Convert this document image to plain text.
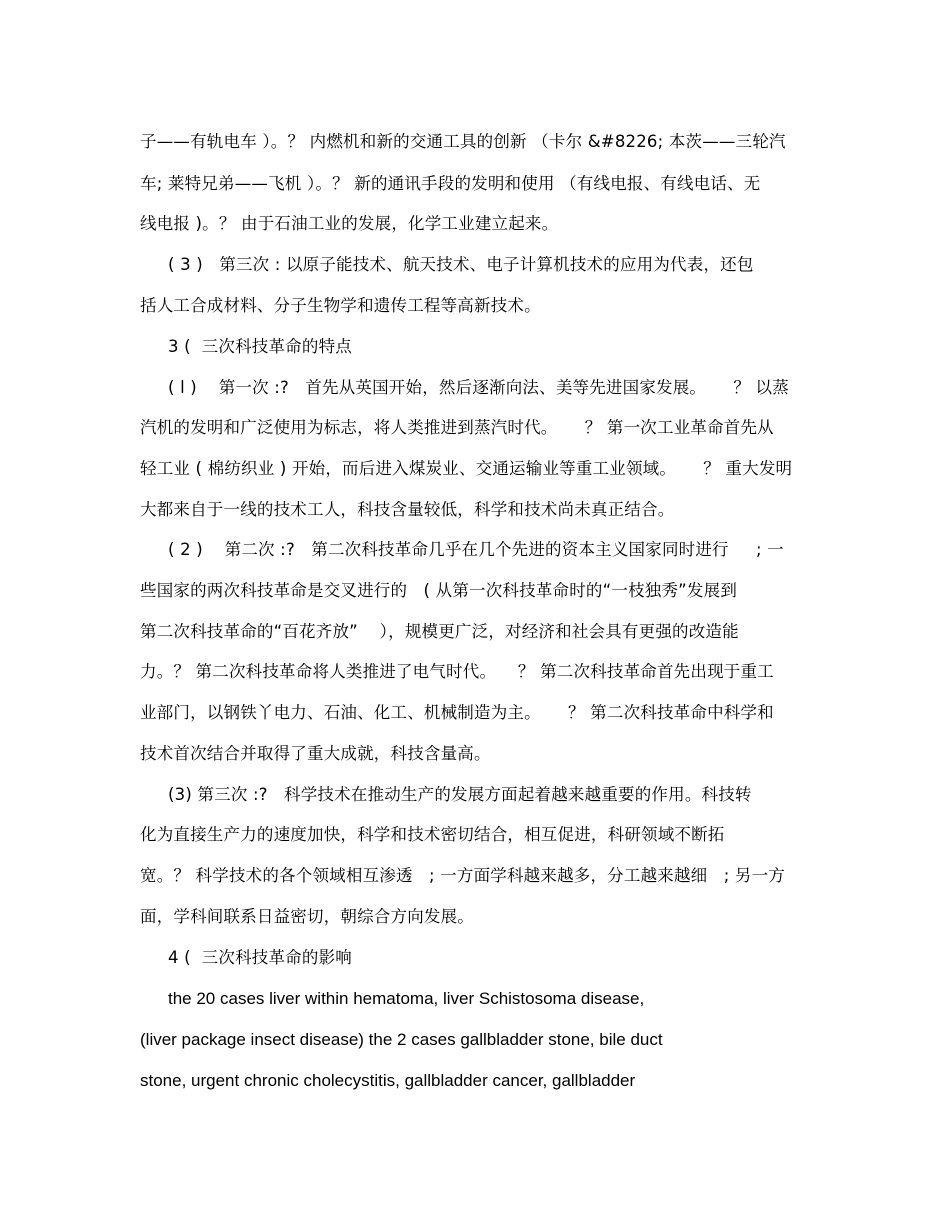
子——有轨电车 ）。？ 内燃机和新的交通工具的创新 （卡尔 &#8226; 本茨——三轮汽
车; 莱特兄弟——飞机 ）。？ 新的通讯手段的发明和使用 （有线电报、有线电话、无
线电报 )。？ 由于石油工业的发展，化学工业建立起来。
( 3 )   第三次 : 以原子能技术、航天技术、电子计算机技术的应用为代表，还包
括人工合成材料、分子生物学和遗传工程等高新技术。
3 (  三次科技革命的特点
( l )    第一次 :?   首先从英国开始，然后逐渐向法、美等先进国家发展。     ？ 以蒸
汽机的发明和广泛使用为标志，将人类推进到蒸汽时代。     ？ 第一次工业革命首先从
轻工业 ( 棉纺织业 ) 开始，而后进入煤炭业、交通运输业等重工业领域。     ？ 重大发明
大都来自于一线的技术工人，科技含量较低，科学和技术尚未真正结合。
( 2 )    第二次 :?   第二次科技革命几乎在几个先进的资本主义国家同时进行     ; 一
些国家的两次科技革命是交叉进行的   ( 从第一次科技革命时的“一枝独秀”发展到
第二次科技革命的“百花齐放”    ），规模更广泛，对经济和社会具有更强的改造能
力。？ 第二次科技革命将人类推进了电气时代。    ？ 第二次科技革命首先出现于重工
业部门，以钢铁丫电力、石油、化工、机械制造为主。     ？ 第二次科技革命中科学和
技术首次结合并取得了重大成就，科技含量高。
(3) 第三次 :?   科学技术在推动生产的发展方面起着越来越重要的作用。科技转
化为直接生产力的速度加快，科学和技术密切结合，相互促进，科研领域不断拓
宽。？ 科学技术的各个领域相互渗透   ; 一方面学科越来越多，分工越来越细   ; 另一方
面，学科间联系日益密切，朝综合方向发展。
4 (  三次科技革命的影响
the 20 cases liver within hematoma, liver Schistosoma disease,
(liver package insect disease) the 2 cases gallbladder stone, bile duct
stone, urgent chronic cholecystitis, gallbladder cancer, gallbladder
